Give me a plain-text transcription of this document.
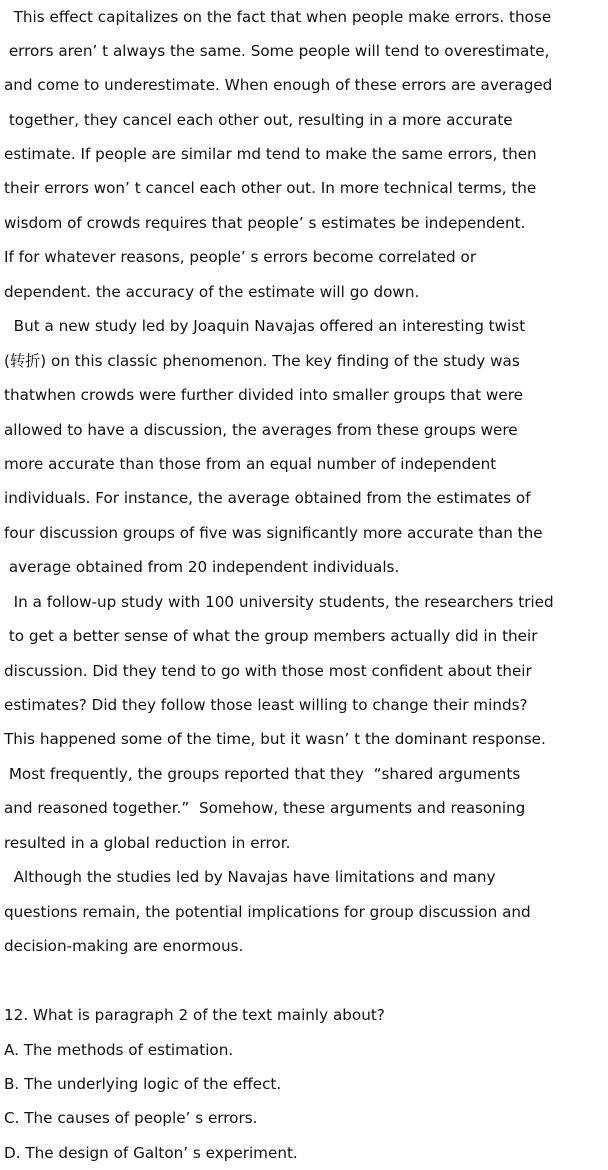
This effect capitalizes on the fact that when people make errors. those
errors aren’ t always the same. Some people will tend to overestimate,
and come to underestimate. When enough of these errors are averaged
together, they cancel each other out, resulting in a more accurate
estimate. If people are similar md tend to make the same errors, then
their errors won’ t cancel each other out. In more technical terms, the
wisdom of crowds requires that people’ s estimates be independent.
If for whatever reasons, people’ s errors become correlated or
dependent. the accuracy of the estimate will go down.
But a new study led by Joaquin Navajas offered an interesting twist
(转折) on this classic phenomenon. The key finding of the study was
thatwhen crowds were further divided into smaller groups that were
allowed to have a discussion, the averages from these groups were
more accurate than those from an equal number of independent
individuals. For instance, the average obtained from the estimates of
four discussion groups of five was significantly more accurate than the
average obtained from 20 independent individuals.
In a follow-up study with 100 university students, the researchers tried
to get a better sense of what the group members actually did in their
discussion. Did they tend to go with those most confident about their
estimates? Did they follow those least willing to change their minds?
This happened some of the time, but it wasn’ t the dominant response.
Most frequently, the groups reported that they  “shared arguments
and reasoned together.”  Somehow, these arguments and reasoning
resulted in a global reduction in error.
Although the studies led by Navajas have limitations and many
questions remain, the potential implications for group discussion and
decision-making are enormous.
12. What is paragraph 2 of the text mainly about?
A. The methods of estimation.
B. The underlying logic of the effect.
C. The causes of people’ s errors.
D. The design of Galton’ s experiment.
